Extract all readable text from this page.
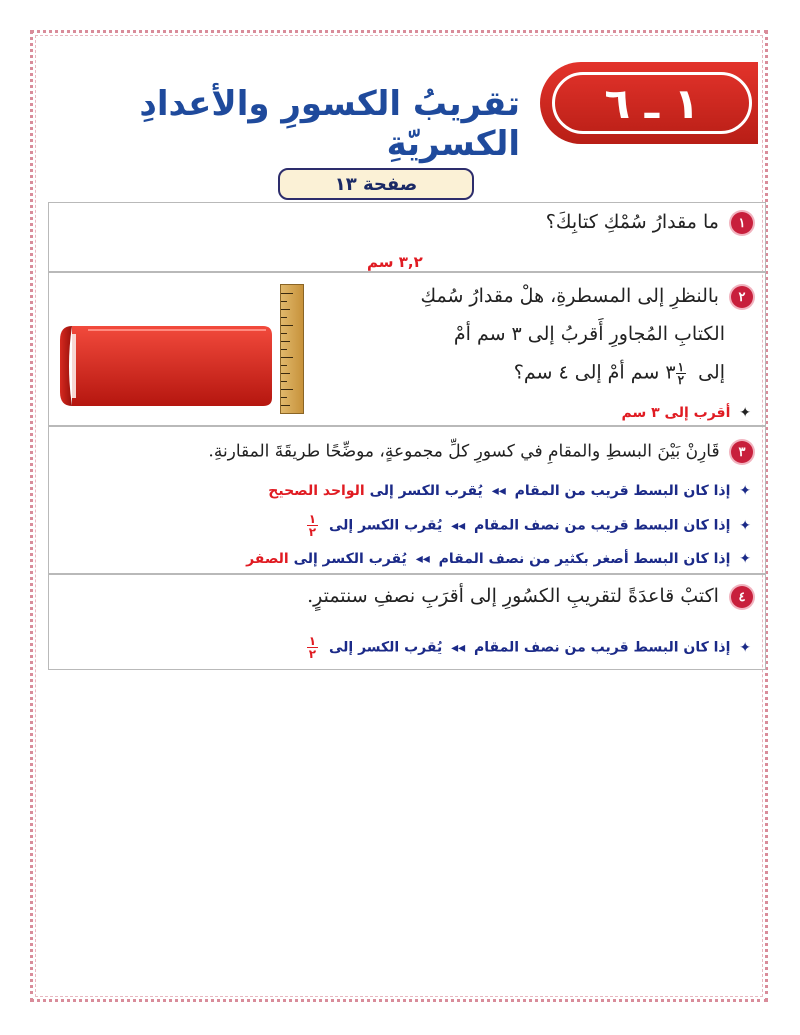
١ ـ ٦
تقريبُ الكسورِ والأعدادِ الكسريّةِ
صفحة ١٣
١ ما مقدارُ سُمْكِ كتابِكَ؟
٣,٢ سم
٢ بالنظرِ إلى المسطرةِ، هلْ مقدارُ سُمكِ
الكتابِ المُجاورِ أَقربُ إلى ٣ سم أمْ
إلى
$\frac{١}{٢}$
٣ سم أمْ إلى ٤ سم؟
✦ أقرب إلى ٣ سم
٣ قَارِنْ بَيْنَ البسطِ والمقامِ في كسورِ كلِّ مجموعةٍ، موضِّحًا طريقَةَ المقارنةِ.
✦ إذا كان البسط قريب من المقام ◂◂ يُقرب الكسر إلى الواحد الصحيح
✦ إذا كان البسط قريب من نصف المقام ◂◂ يُقرب الكسر إلى
$\frac{١}{٢}$
✦ إذا كان البسط أصغر بكثير من نصف المقام ◂◂ يُقرب الكسر إلى الصفر
٤ اكتبْ قاعدَةً لتقريبِ الكسُورِ إلى أقرَبِ نصفِ سنتمترٍ.
✦ إذا كان البسط قريب من نصف المقام ◂◂ يُقرب الكسر إلى
$\frac{١}{٢}$
